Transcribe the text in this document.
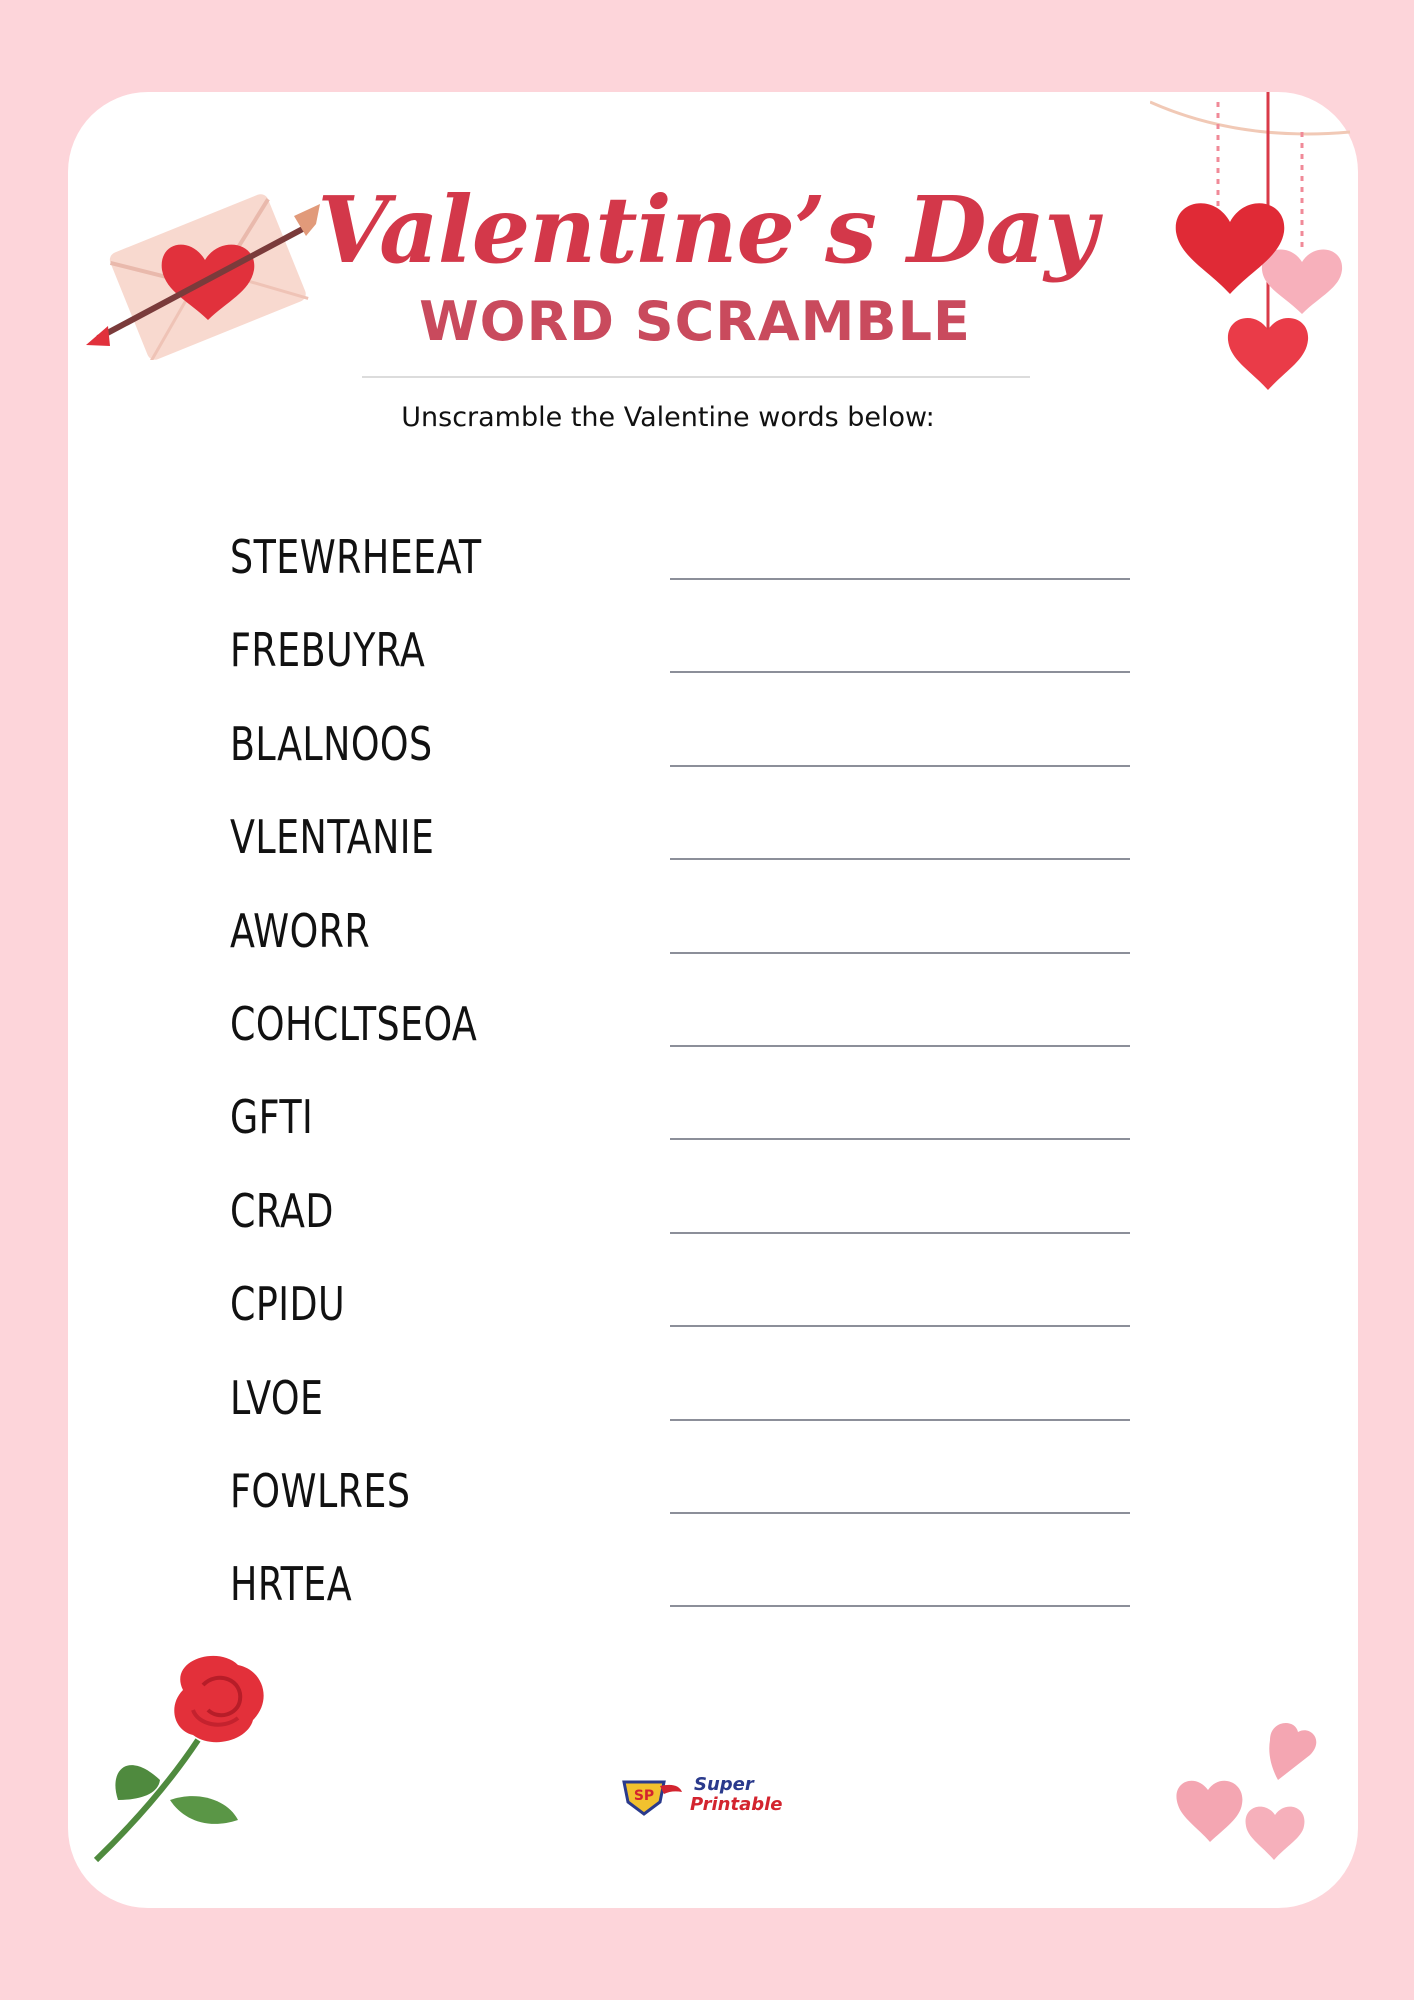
Valentine’s Day
WORD SCRAMBLE
Unscramble the Valentine words below:
STEWRHEEAT
FREBUYRA
BLALNOOS
VLENTANIE
AWORR
COHCLTSEOA
GFTI
CRAD
CPIDU
LVOE
FOWLRES
HRTEA
SP
Super
Printable
